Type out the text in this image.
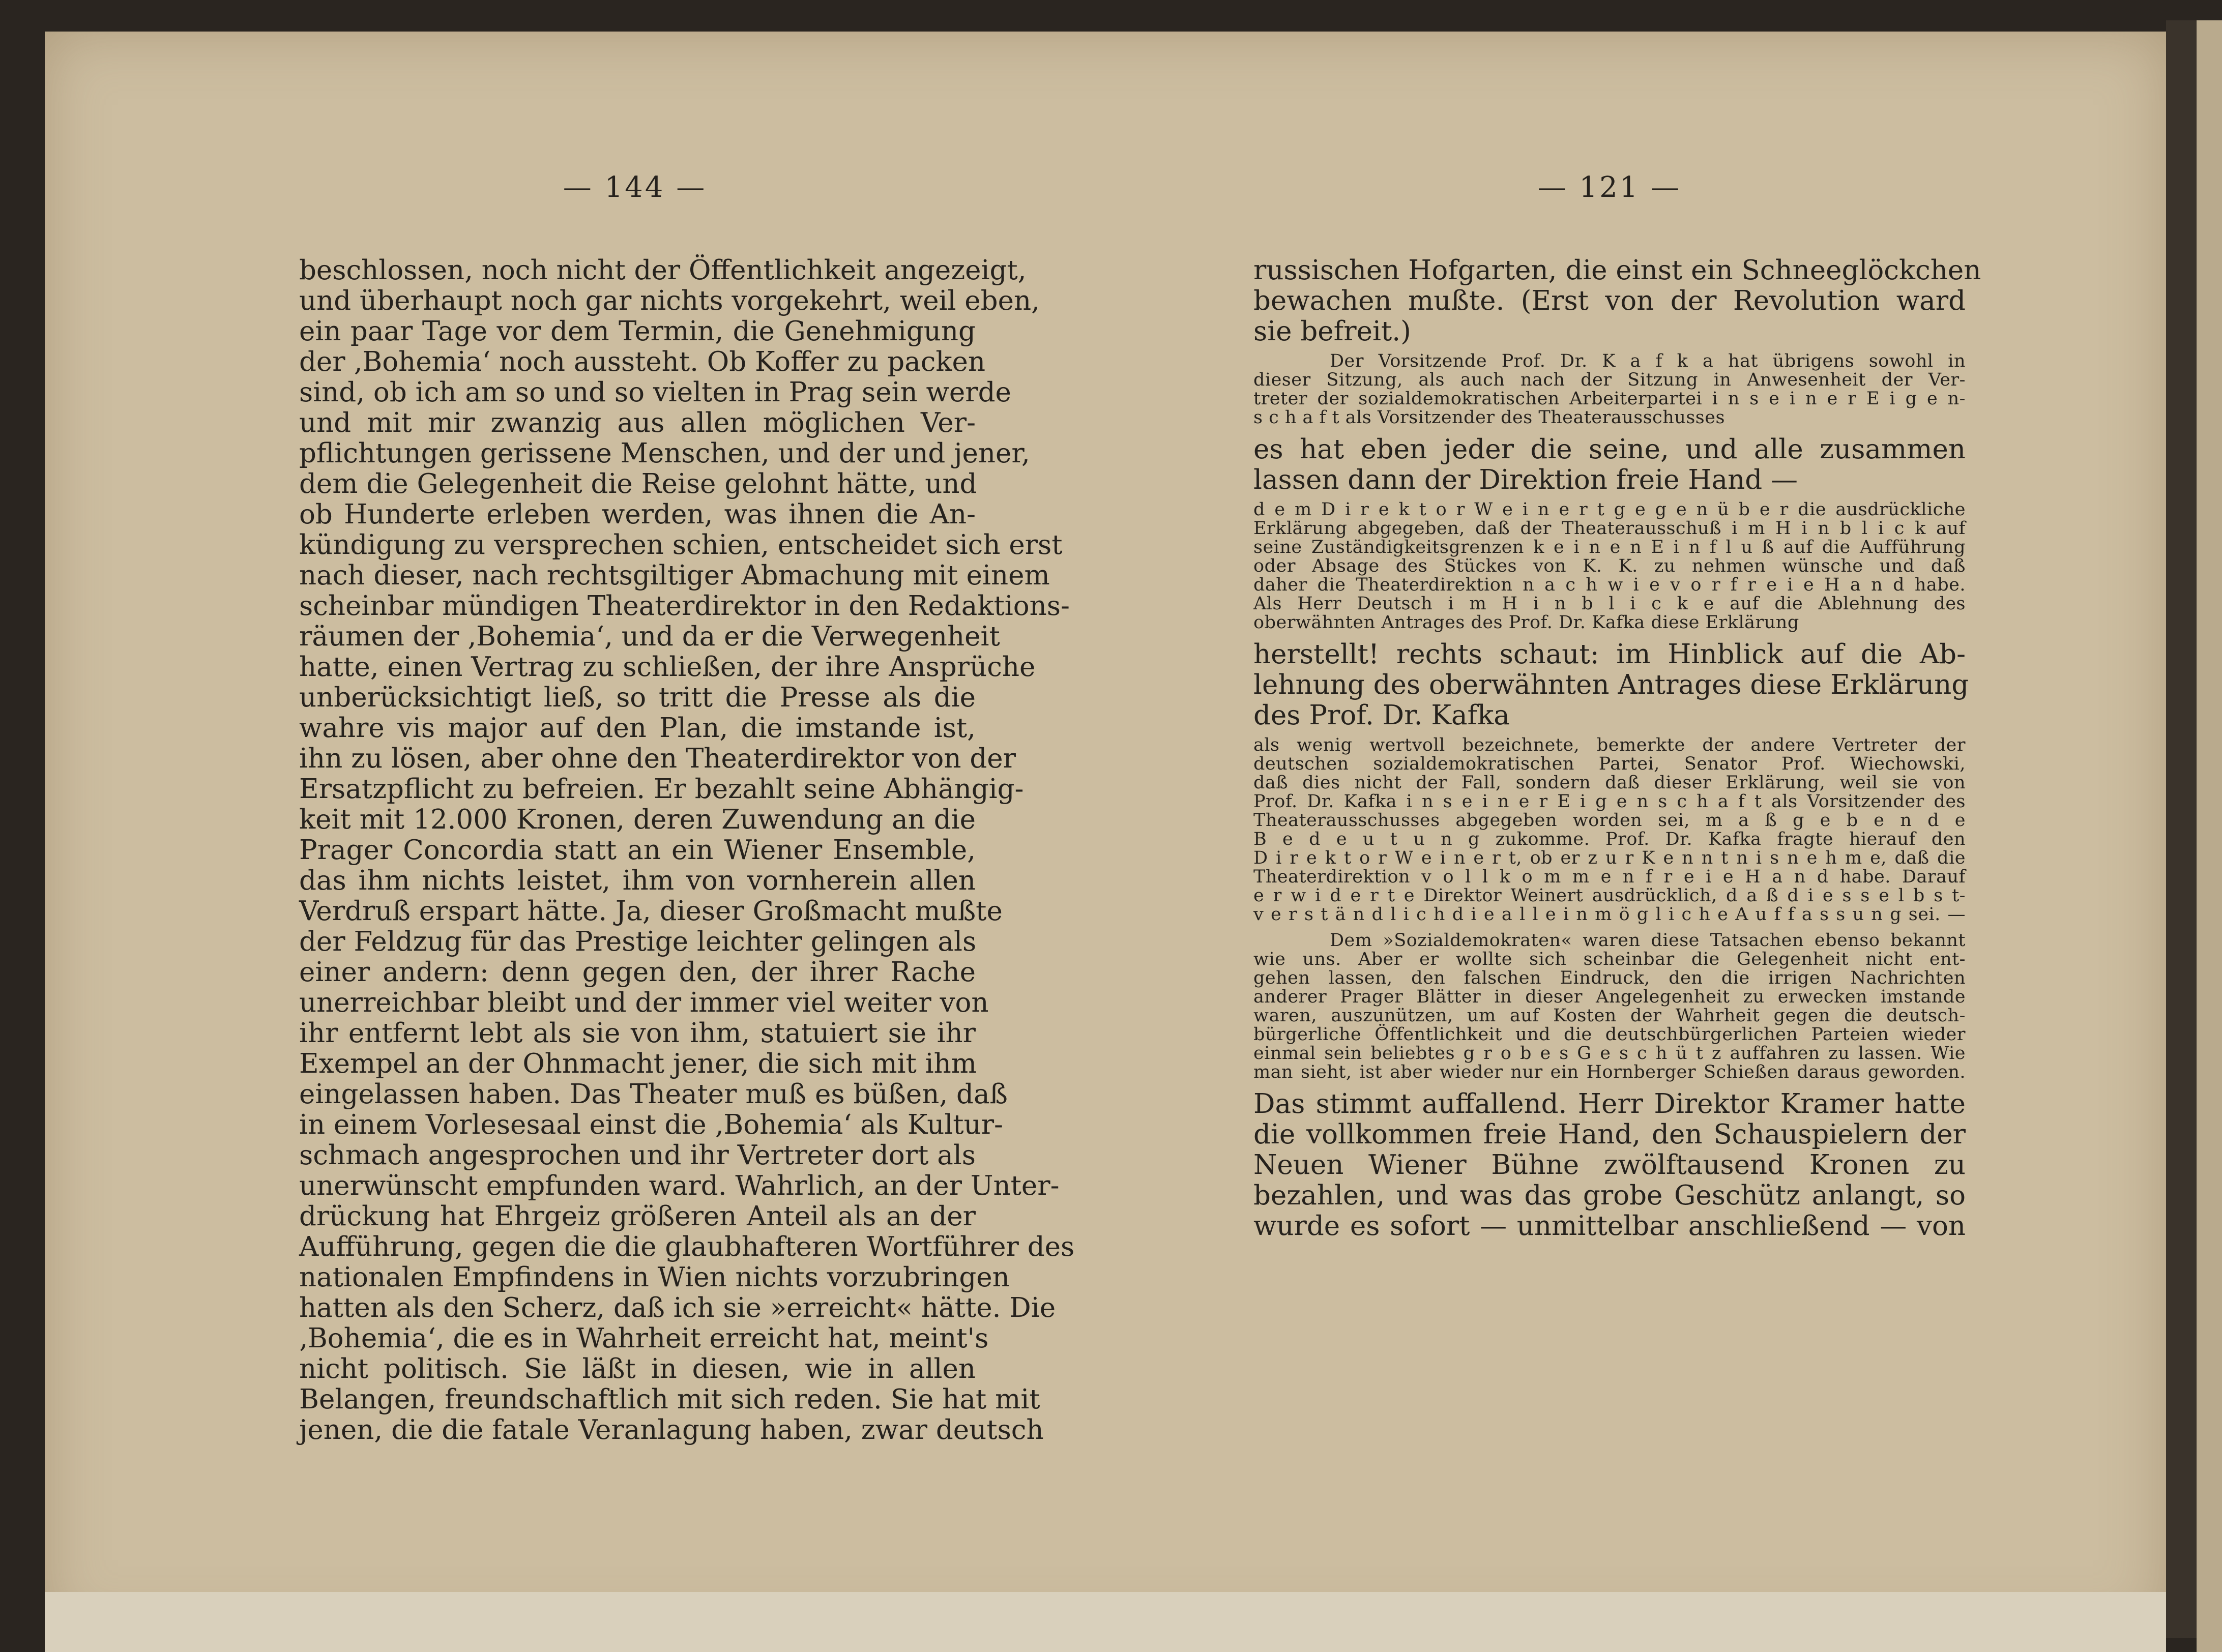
— 144 —
beschlossen, noch nicht der Öffentlichkeit angezeigt,
und überhaupt noch gar nichts vorgekehrt, weil eben,
ein paar Tage vor dem Termin, die Genehmigung
der ‚Bohemia‘ noch aussteht. Ob Koffer zu packen
sind, ob ich am so und so vielten in Prag sein werde
und mit mir zwanzig aus allen möglichen Ver-
pflichtungen gerissene Menschen, und der und jener,
dem die Gelegenheit die Reise gelohnt hätte, und
ob Hunderte erleben werden, was ihnen die An-
kündigung zu versprechen schien, entscheidet sich erst
nach dieser, nach rechtsgiltiger Abmachung mit einem
scheinbar mündigen Theaterdirektor in den Redaktions-
räumen der ‚Bohemia‘, und da er die Verwegenheit
hatte, einen Vertrag zu schließen, der ihre Ansprüche
unberücksichtigt ließ, so tritt die Presse als die
wahre vis major auf den Plan, die imstande ist,
ihn zu lösen, aber ohne den Theaterdirektor von der
Ersatzpflicht zu befreien. Er bezahlt seine Abhängig-
keit mit 12.000 Kronen, deren Zuwendung an die
Prager Concordia statt an ein Wiener Ensemble,
das ihm nichts leistet, ihm von vornherein allen
Verdruß erspart hätte. Ja, dieser Großmacht mußte
der Feldzug für das Prestige leichter gelingen als
einer andern: denn gegen den, der ihrer Rache
unerreichbar bleibt und der immer viel weiter von
ihr entfernt lebt als sie von ihm, statuiert sie ihr
Exempel an der Ohnmacht jener, die sich mit ihm
eingelassen haben. Das Theater muß es büßen, daß
in einem Vorlesesaal einst die ‚Bohemia‘ als Kultur-
schmach angesprochen und ihr Vertreter dort als
unerwünscht empfunden ward. Wahrlich, an der Unter-
drückung hat Ehrgeiz größeren Anteil als an der
Aufführung, gegen die die glaubhafteren Wortführer des
nationalen Empfindens in Wien nichts vorzubringen
hatten als den Scherz, daß ich sie »erreicht« hätte. Die
‚Bohemia‘, die es in Wahrheit erreicht hat, meint's
nicht politisch. Sie läßt in diesen, wie in allen
Belangen, freundschaftlich mit sich reden. Sie hat mit
jenen, die die fatale Veranlagung haben, zwar deutsch
— 121 —
russischen Hofgarten, die einst ein Schneeglöckchen
bewachen mußte. (Erst von der Revolution ward
sie befreit.)
Der Vorsitzende Prof. Dr. K a f k a hat übrigens sowohl in
dieser Sitzung, als auch nach der Sitzung in Anwesenheit der Ver-
treter der sozialdemokratischen Arbeiterpartei i n s e i n e r E i g e n-
s c h a f t als Vorsitzender des Theaterausschusses
es hat eben jeder die seine, und alle zusammen
lassen dann der Direktion freie Hand —
d e m D i r e k t o r W e i n e r t g e g e n ü b e r die ausdrückliche
Erklärung abgegeben, daß der Theaterausschuß i m H i n b l i c k auf
seine Zuständigkeitsgrenzen k e i n e n E i n f l u ß auf die Aufführung
oder Absage des Stückes von K. K. zu nehmen wünsche und daß
daher die Theaterdirektion n a c h w i e v o r f r e i e H a n d habe.
Als Herr Deutsch i m H i n b l i c k e auf die Ablehnung des
oberwähnten Antrages des Prof. Dr. Kafka diese Erklärung
herstellt! rechts schaut: im Hinblick auf die Ab-
lehnung des oberwähnten Antrages diese Erklärung
des Prof. Dr. Kafka
als wenig wertvoll bezeichnete, bemerkte der andere Vertreter der
deutschen sozialdemokratischen Partei, Senator Prof. Wiechowski,
daß dies nicht der Fall, sondern daß dieser Erklärung, weil sie von
Prof. Dr. Kafka i n s e i n e r E i g e n s c h a f t als Vorsitzender des
Theaterausschusses abgegeben worden sei, m a ß g e b e n d e
B e d e u t u n g zukomme. Prof. Dr. Kafka fragte hierauf den
D i r e k t o r W e i n e r t, ob er z u r K e n n t n i s n e h m e, daß die
Theaterdirektion v o l l k o m m e n f r e i e H a n d habe. Darauf
e r w i d e r t e Direktor Weinert ausdrücklich, d a ß d i e s s e l b s t-
v e r s t ä n d l i c h d i e a l l e i n m ö g l i c h e A u f f a s s u n g sei. —
Dem »Sozialdemokraten« waren diese Tatsachen ebenso bekannt
wie uns. Aber er wollte sich scheinbar die Gelegenheit nicht ent-
gehen lassen, den falschen Eindruck, den die irrigen Nachrichten
anderer Prager Blätter in dieser Angelegenheit zu erwecken imstande
waren, auszunützen, um auf Kosten der Wahrheit gegen die deutsch-
bürgerliche Öffentlichkeit und die deutschbürgerlichen Parteien wieder
einmal sein beliebtes g r o b e s G e s c h ü t z auffahren zu lassen. Wie
man sieht, ist aber wieder nur ein Hornberger Schießen daraus geworden.
Das stimmt auffallend. Herr Direktor Kramer hatte
die vollkommen freie Hand, den Schauspielern der
Neuen Wiener Bühne zwölftausend Kronen zu
bezahlen, und was das grobe Geschütz anlangt, so
wurde es sofort — unmittelbar anschließend — von
